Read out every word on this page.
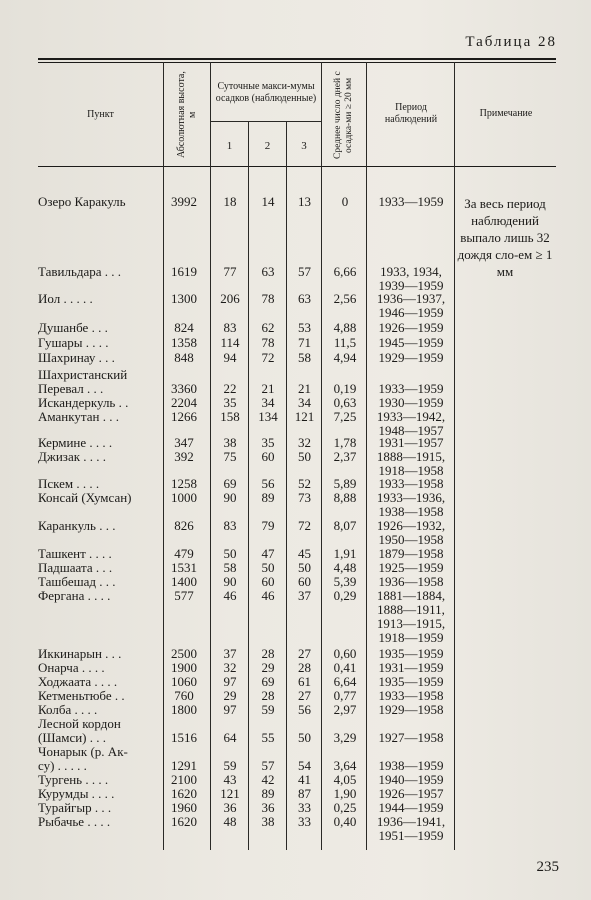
Таблица 28
Пункт	Абсолютная высота, м
Суточные макси-мумы осадков (наблюденные)
1	2	3	Среднее число дней с осадка-ми ≥ 20 мм	Период наблюдений
Примечание
Озеро Каракуль	3992	18	14	13	0	1933—1959
Тавильдара . . .	1619	77	63	57	6,66	1933, 1934,
1939—1959
Иол . . . . .	1300	206	78	63	2,56	1936—1937,
1946—1959
Душанбе . . .	824	83	62	53	4,88	1926—1959
Гушары . . . .	1358	114	78	71	11,5	1945—1959
Шахринау . . .	848	94	72	58	4,94	1929—1959
Шахристанский
Перевал . . .	3360	22	21	21	0,19	1933—1959
Искандеркуль . .	2204	35	34	34	0,63	1930—1959
Аманкутан . . .	1266	158	134	121	7,25	1933—1942,
1948—1957
Кермине . . . .	347	38	35	32	1,78	1931—1957
Джизак . . . .	392	75	60	50	2,37	1888—1915,
1918—1958
Пскем . . . .	1258	69	56	52	5,89	1933—1958
Консай (Хумсан)	1000	90	89	73	8,88	1933—1936,
1938—1958
Каранкуль . . .	826	83	79	72	8,07	1926—1932,
1950—1958
Ташкент . . . .	479	50	47	45	1,91	1879—1958
Падшаата . . .	1531	58	50	50	4,48	1925—1959
Ташбешад . . .	1400	90	60	60	5,39	1936—1958
Фергана . . . .	577	46	46	37	0,29	1881—1884,
1888—1911,
1913—1915,
1918—1959
Иккинарын . . .	2500	37	28	27	0,60	1935—1959
Онарча . . . .	1900	32	29	28	0,41	1931—1959
Ходжаата . . . .	1060	97	69	61	6,64	1935—1959
Кетменьтюбе . .	760	29	28	27	0,77	1933—1958
Колба . . . .	1800	97	59	56	2,97	1929—1958
Лесной кордон
(Шамси) . . .	1516	64	55	50	3,29	1927—1958
Чонарык (р. Ак-
су) . . . . .	1291	59	57	54	3,64	1938—1959
Тургень . . . .	2100	43	42	41	4,05	1940—1959
Курумды . . . .	1620	121	89	87	1,90	1926—1957
Турайгыр . . .	1960	36	36	33	0,25	1944—1959
Рыбачье . . . .	1620	48	38	33	0,40	1936—1941,
1951—1959
За весь период наблюдений выпало лишь 32 дождя сло-ем ≥ 1 мм
235
